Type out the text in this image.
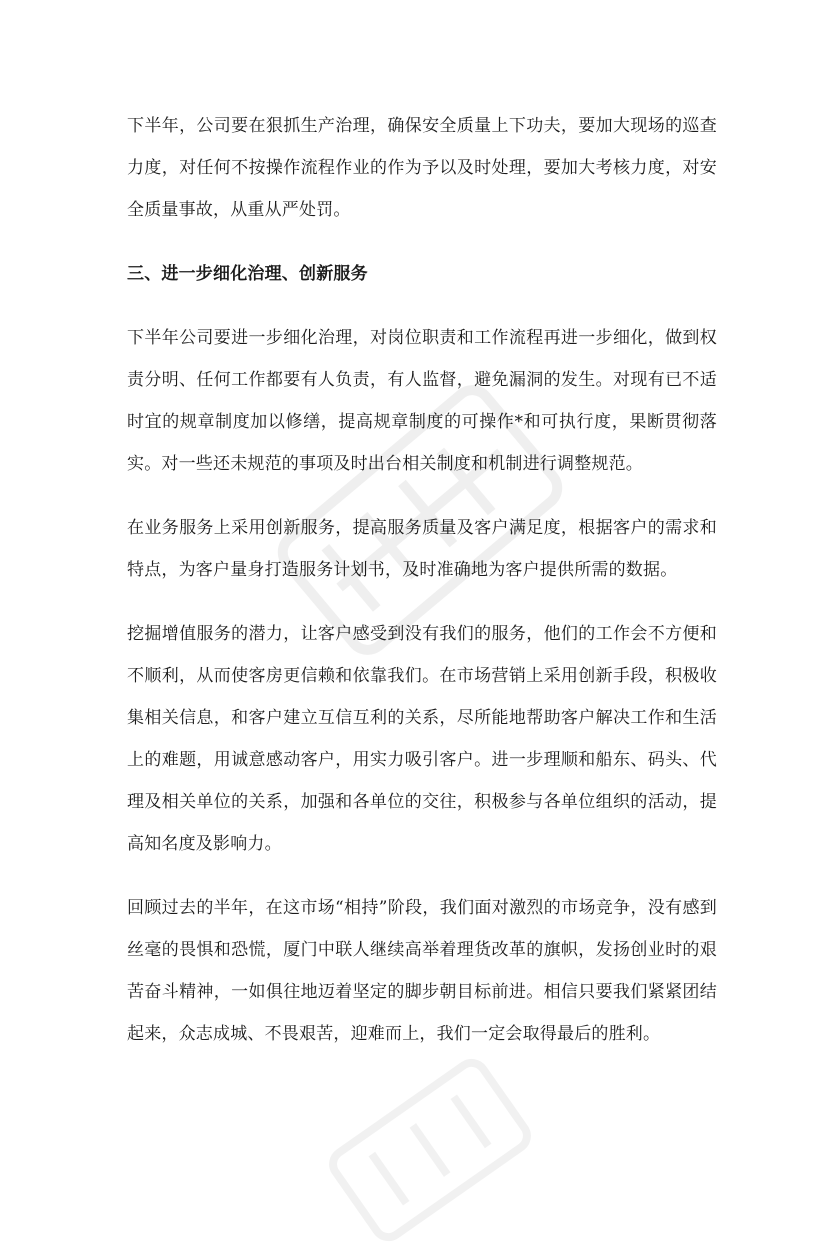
下半年，公司要在狠抓生产治理，确保安全质量上下功夫，要加大现场的巡查力度，对任何不按操作流程作业的作为予以及时处理，要加大考核力度，对安全质量事故，从重从严处罚。

三、进一步细化治理、创新服务

下半年公司要进一步细化治理，对岗位职责和工作流程再进一步细化，做到权责分明、任何工作都要有人负责，有人监督，避免漏洞的发生。对现有已不适时宜的规章制度加以修缮，提高规章制度的可操作*和可执行度，果断贯彻落实。对一些还未规范的事项及时出台相关制度和机制进行调整规范。

在业务服务上采用创新服务，提高服务质量及客户满足度，根据客户的需求和特点，为客户量身打造服务计划书，及时准确地为客户提供所需的数据。

挖掘增值服务的潜力，让客户感受到没有我们的服务，他们的工作会不方便和不顺利，从而使客房更信赖和依靠我们。在市场营销上采用创新手段，积极收集相关信息，和客户建立互信互利的关系，尽所能地帮助客户解决工作和生活上的难题，用诚意感动客户，用实力吸引客户。进一步理顺和船东、码头、代理及相关单位的关系，加强和各单位的交往，积极参与各单位组织的活动，提高知名度及影响力。

回顾过去的半年，在这市场“相持”阶段，我们面对激烈的市场竞争，没有感到丝毫的畏惧和恐慌，厦门中联人继续高举着理货改革的旗帜，发扬创业时的艰苦奋斗精神，一如俱往地迈着坚定的脚步朝目标前进。相信只要我们紧紧团结起来，众志成城、不畏艰苦，迎难而上，我们一定会取得最后的胜利。
